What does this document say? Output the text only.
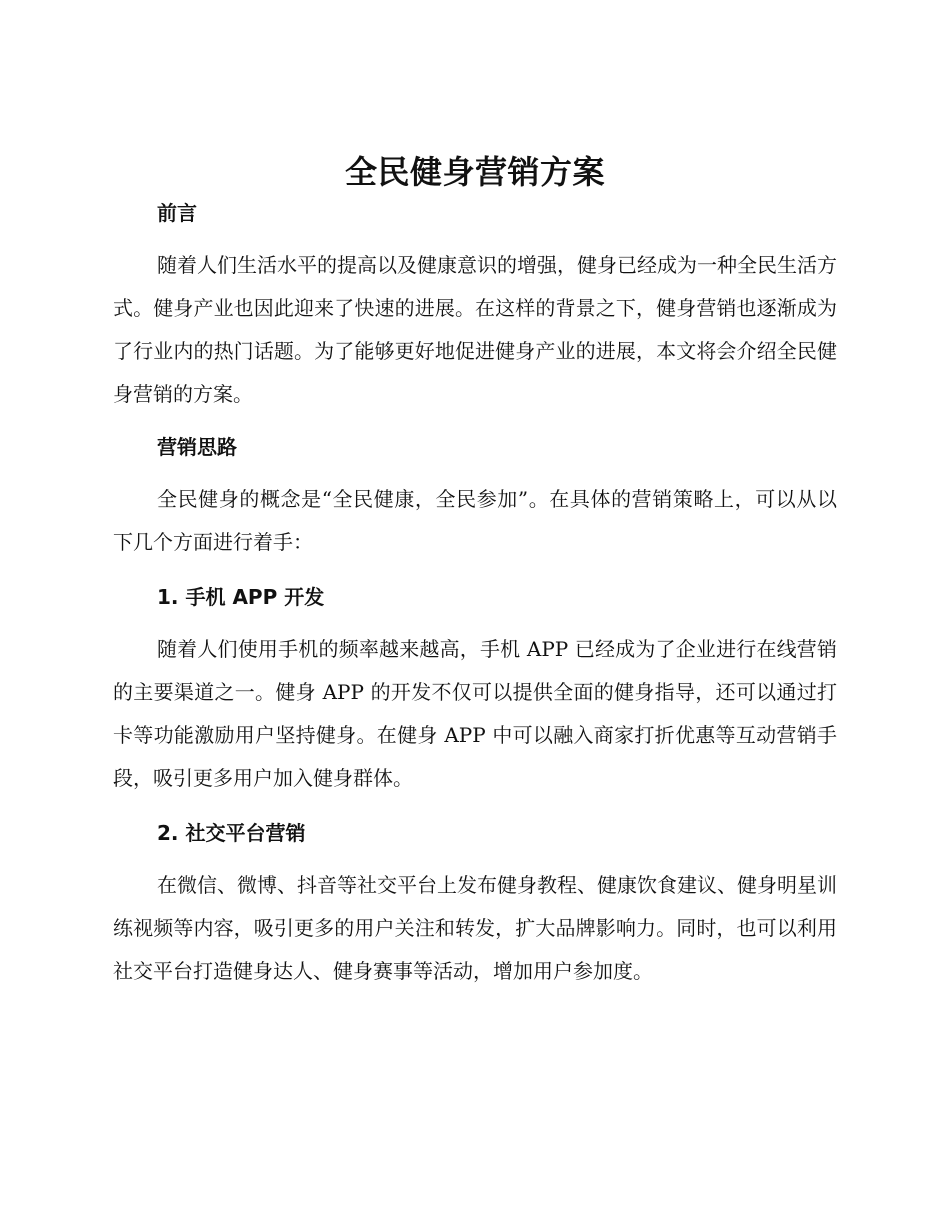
全民健身营销方案
前言

随着人们生活水平的提高以及健康意识的增强，健身已经成为一种全民生活方式。健身产业也因此迎来了快速的进展。在这样的背景之下，健身营销也逐渐成为了行业内的热门话题。为了能够更好地促进健身产业的进展，本文将会介绍全民健身营销的方案。

营销思路

全民健身的概念是“全民健康，全民参加”。在具体的营销策略上，可以从以下几个方面进行着手：

1. 手机 APP 开发

随着人们使用手机的频率越来越高，手机 APP 已经成为了企业进行在线营销的主要渠道之一。健身 APP 的开发不仅可以提供全面的健身指导，还可以通过打卡等功能激励用户坚持健身。在健身 APP 中可以融入商家打折优惠等互动营销手段，吸引更多用户加入健身群体。

2. 社交平台营销

在微信、微博、抖音等社交平台上发布健身教程、健康饮食建议、健身明星训练视频等内容，吸引更多的用户关注和转发，扩大品牌影响力。同时，也可以利用社交平台打造健身达人、健身赛事等活动，增加用户参加度。
